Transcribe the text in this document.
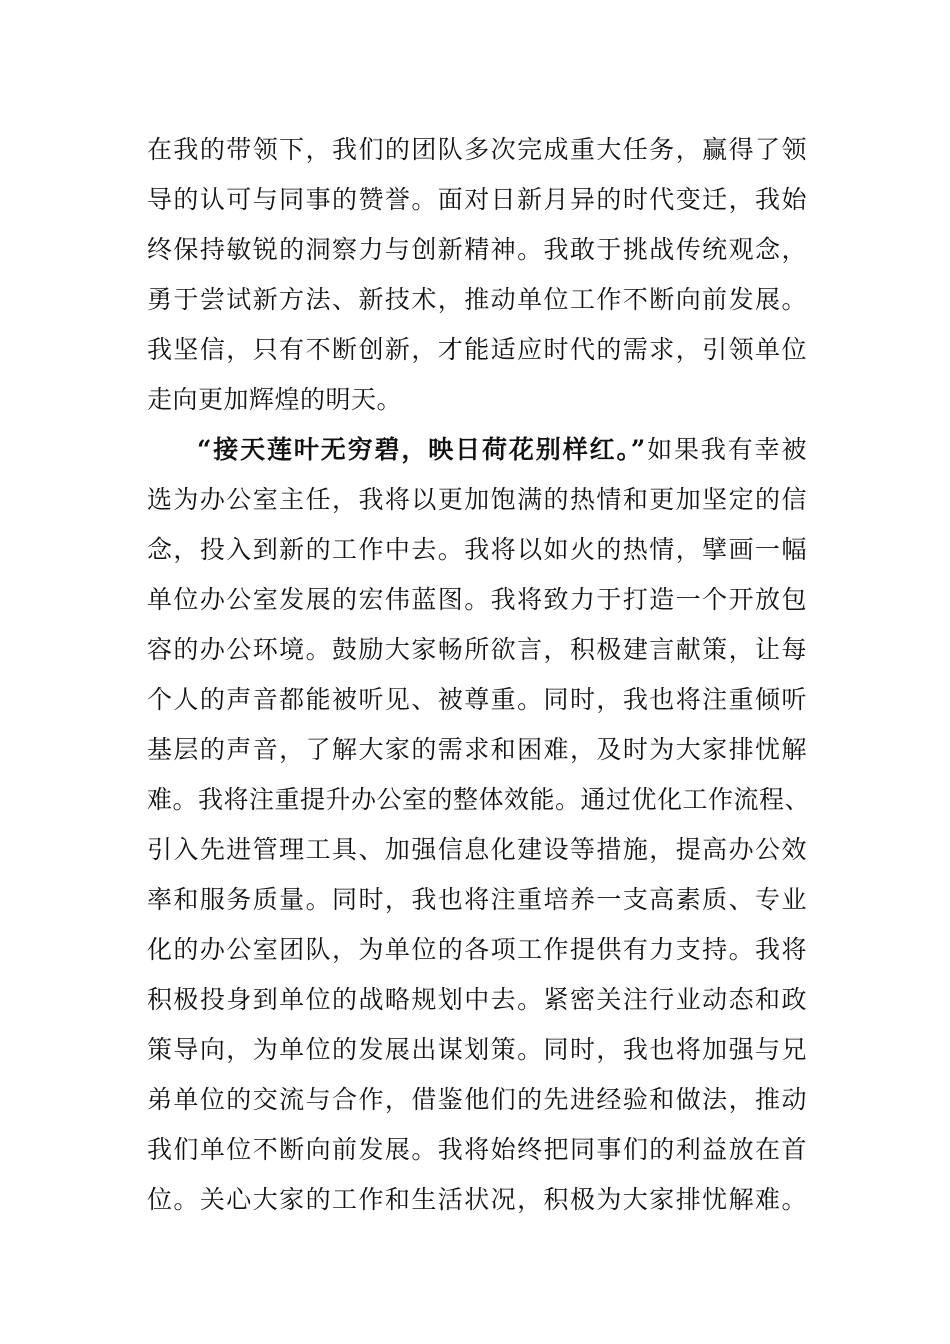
在我的带领下，我们的团队多次完成重大任务，赢得了领
导的认可与同事的赞誉。面对日新月异的时代变迁，我始
终保持敏锐的洞察力与创新精神。我敢于挑战传统观念，
勇于尝试新方法、新技术，推动单位工作不断向前发展。
我坚信，只有不断创新，才能适应时代的需求，引领单位
走向更加辉煌的明天。
“接天莲叶无穷碧，映日荷花别样红。”如果我有幸被
选为办公室主任，我将以更加饱满的热情和更加坚定的信
念，投入到新的工作中去。我将以如火的热情，擘画一幅
单位办公室发展的宏伟蓝图。我将致力于打造一个开放包
容的办公环境。鼓励大家畅所欲言，积极建言献策，让每
个人的声音都能被听见、被尊重。同时，我也将注重倾听
基层的声音，了解大家的需求和困难，及时为大家排忧解
难。我将注重提升办公室的整体效能。通过优化工作流程、
引入先进管理工具、加强信息化建设等措施，提高办公效
率和服务质量。同时，我也将注重培养一支高素质、专业
化的办公室团队，为单位的各项工作提供有力支持。我将
积极投身到单位的战略规划中去。紧密关注行业动态和政
策导向，为单位的发展出谋划策。同时，我也将加强与兄
弟单位的交流与合作，借鉴他们的先进经验和做法，推动
我们单位不断向前发展。我将始终把同事们的利益放在首
位。关心大家的工作和生活状况，积极为大家排忧解难。
